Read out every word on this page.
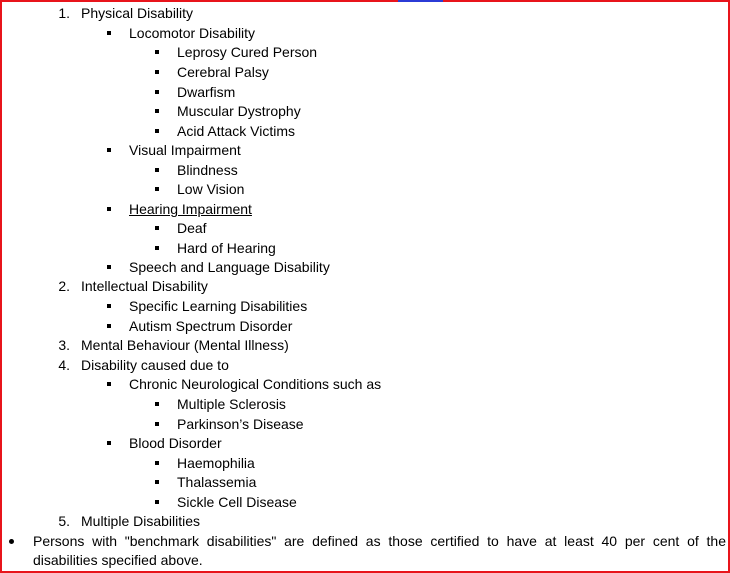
1. Physical Disability
Locomotor Disability
Leprosy Cured Person
Cerebral Palsy
Dwarfism
Muscular Dystrophy
Acid Attack Victims
Visual Impairment
Blindness
Low Vision
Hearing Impairment
Deaf
Hard of Hearing
Speech and Language Disability
2. Intellectual Disability
Specific Learning Disabilities
Autism Spectrum Disorder
3. Mental Behaviour (Mental Illness)
4. Disability caused due to
Chronic Neurological Conditions such as
Multiple Sclerosis
Parkinson’s Disease
Blood Disorder
Haemophilia
Thalassemia
Sickle Cell Disease
5. Multiple Disabilities
Persons with "benchmark disabilities" are defined as those certified to have at least 40 per cent of the disabilities specified above.
